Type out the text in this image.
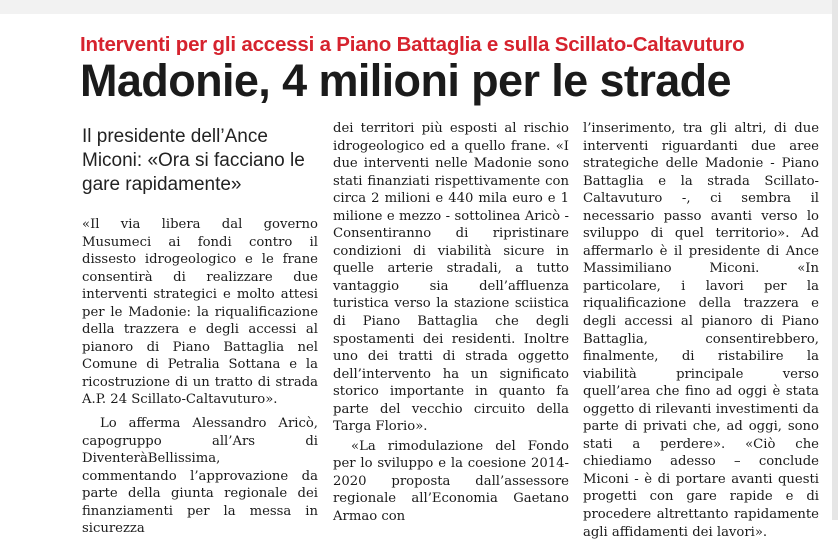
Interventi per gli accessi a Piano Battaglia e sulla Scillato-Caltavuturo
Madonie, 4 milioni per le strade
Il presidente dell’Ance Miconi: «Ora si facciano le gare rapidamente»

«Il via libera dal governo Musumeci ai fondi contro il dissesto idrogeologico e le frane consentirà di realizzare due interventi strategici e molto attesi per le Madonie: la riqualificazione della trazzera e degli accessi al pianoro di Piano Battaglia nel Comune di Petralia Sottana e la ricostruzione di un tratto di strada A.P. 24 Scillato-Caltavuturo».

Lo afferma Alessandro Aricò, capogruppo all’Ars di DiventeràBellissima, commentando l’approvazione da parte della giunta regionale dei finanziamenti per la messa in sicurezza

dei territori più esposti al rischio idrogeologico ed a quello frane. «I due interventi nelle Madonie sono stati finanziati rispettivamente con circa 2 milioni e 440 mila euro e 1 milione e mezzo - sottolinea Aricò - Consentiranno di ripristinare condizioni di viabilità sicure in quelle arterie stradali, a tutto vantaggio sia dell’affluenza turistica verso la stazione sciistica di Piano Battaglia che degli spostamenti dei residenti. Inoltre uno dei tratti di strada oggetto dell’intervento ha un significato storico importante in quanto fa parte del vecchio circuito della Targa Florio».

«La rimodulazione del Fondo per lo sviluppo e la coesione 2014-2020 proposta dall’assessore regionale all’Economia Gaetano Armao con

l’inserimento, tra gli altri, di due interventi riguardanti due aree strategiche delle Madonie - Piano Battaglia e la strada Scillato-Caltavuturo -, ci sembra il necessario passo avanti verso lo sviluppo di quel territorio». Ad affermarlo è il presidente di Ance Massimiliano Miconi. «In particolare, i lavori per la riqualificazione della trazzera e degli accessi al pianoro di Piano Battaglia, consentirebbero, finalmente, di ristabilire la viabilità principale verso quell’area che fino ad oggi è stata oggetto di rilevanti investimenti da parte di privati che, ad oggi, sono stati a perdere». «Ciò che chiediamo adesso – conclude Miconi - è di portare avanti questi progetti con gare rapide e di procedere altrettanto rapidamente agli affidamenti dei lavori».
